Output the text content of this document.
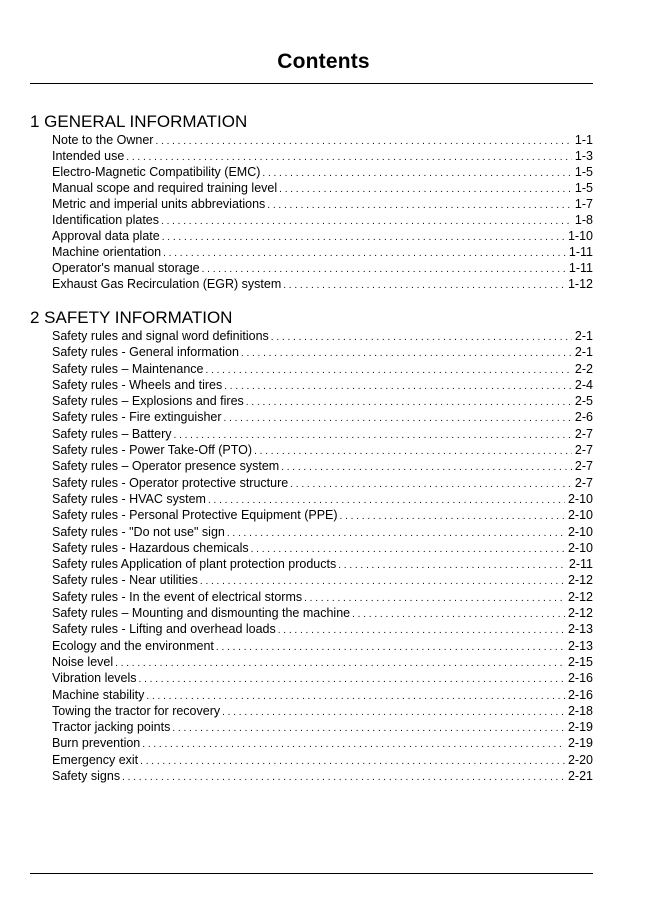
Contents
1 GENERAL INFORMATION
Note to the Owner . . .	1-1
Intended use . . .	1-3
Electro-Magnetic Compatibility (EMC) . . .	1-5
Manual scope and required training level . . .	1-5
Metric and imperial units abbreviations . . .	1-7
Identification plates . . .	1-8
Approval data plate . . .	1-10
Machine orientation . . .	1-11
Operator's manual storage . . .	1-11
Exhaust Gas Recirculation (EGR) system . . .	1-12
2 SAFETY INFORMATION
Safety rules and signal word definitions . . .	2-1
Safety rules - General information . . .	2-1
Safety rules – Maintenance . . .	2-2
Safety rules - Wheels and tires . . .	2-4
Safety rules – Explosions and fires . . .	2-5
Safety rules - Fire extinguisher . . .	2-6
Safety rules – Battery . . .	2-7
Safety rules - Power Take-Off (PTO) . . .	2-7
Safety rules – Operator presence system . . .	2-7
Safety rules - Operator protective structure . . .	2-7
Safety rules - HVAC system . . .	2-10
Safety rules - Personal Protective Equipment (PPE) . . .	2-10
Safety rules - "Do not use" sign . . .	2-10
Safety rules - Hazardous chemicals . . .	2-10
Safety rules Application of plant protection products . . .	2-11
Safety rules - Near utilities . . .	2-12
Safety rules - In the event of electrical storms . . .	2-12
Safety rules – Mounting and dismounting the machine . . .	2-12
Safety rules - Lifting and overhead loads . . .	2-13
Ecology and the environment . . .	2-13
Noise level . . .	2-15
Vibration levels . . .	2-16
Machine stability . . .	2-16
Towing the tractor for recovery . . .	2-18
Tractor jacking points . . .	2-19
Burn prevention . . .	2-19
Emergency exit . . .	2-20
Safety signs . . .	2-21
